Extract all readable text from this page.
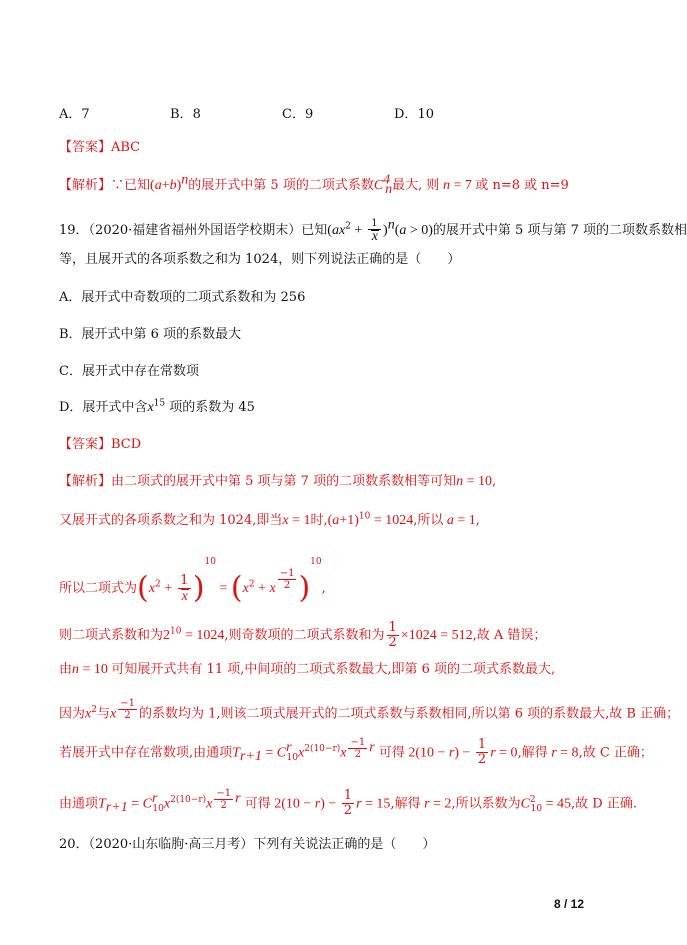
A．7	B．8	C．9	D．10
【答案】ABC
【解析】∵已知$(a+b)^n$的展开式中第 5 项的二项式系数$C^4_n$最大, 则 n = 7 或 n=8 或 n=9
19．（2020·福建省福州外国语学校期末）已知$(ax^2 + \frac{1}{x} )^n(a > 0)$的展开式中第 5 项与第 7 项的二项数系数相
等，且展开式的各项系数之和为 1024，则下列说法正确的是（　　）
A．展开式中奇数项的二项式系数和为 256
B．展开式中第 6 项的系数最大
C．展开式中存在常数项
D．展开式中含$x^{15}$ 项的系数为 45
【答案】BCD
【解析】由二项式的展开式中第 5 项与第 7 项的二项数系数相等可知n = 10,
又展开式的各项系数之和为 1024,即当x = 1时$,(a+1)^{10} = 1024$,所以 a = 1,
所以二项式为$(x^2 + \frac{1}{x} )^{10} = (x^2 + x$ $^{\frac{-1}{2}}$ )$^{10}$,
则二项式系数和为$2^{10} = 1024$,则奇数项的二项式系数和为 $\frac{1}{2} \times 1024 = 512$,故 A 错误；
由n = 10 可知展开式共有 11 项,中间项的二项式系数最大,即第 6 项的二项式系数最大,
因为$x^2$与x $^{\frac{-1}{2}}$ 的系数均为 1,则该二项式展开式的二项式系数与系数相同,所以第 6 项的系数最大,故 B 正确；
若展开式中存在常数项,由通项$T_{r+1} = C^r_{10}x^{2(10-r)}x$ $^{\frac{-1}{2} r}$ 可得 $2(10 - r) - \frac{1}{2}$ r = 0,解得 r = 8,故 C 正确；
由通项$T_{r+1} = C^r_{10}x^{2(10-r)}x$ $^{\frac{-1}{2} r}$ 可得 $2(10 - r) - \frac{1}{2}$ r = 15,解得 r = 2,所以系数为$C^2_{10} = 45$,故 D 正确.
20．（2020·山东临朐·高三月考）下列有关说法正确的是（　　）
8 / 12
